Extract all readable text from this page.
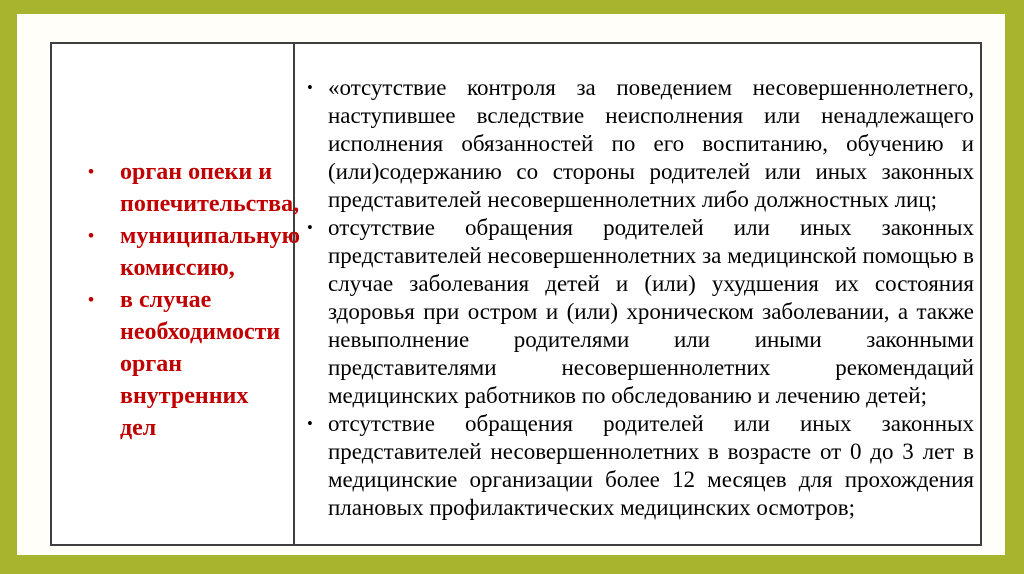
•	орган опеки и попечительства,
•	муниципальную комиссию,
•	в случае необходимости орган внутренних дел
• «отсутствие контроля за поведением несовершеннолетнего, наступившее вследствие неисполнения или ненадлежащего исполнения обязанностей по его воспитанию, обучению и (или)содержанию со стороны родителей или иных законных представителей несовершеннолетних либо должностных лиц;
• отсутствие обращения родителей или иных законных представителей несовершеннолетних за медицинской помощью в случае заболевания детей и (или) ухудшения их состояния здоровья при остром и (или) хроническом заболевании, а также невыполнение родителями или иными законными представителями несовершеннолетних рекомендаций медицинских работников по обследованию и лечению детей;
• отсутствие обращения родителей или иных законных представителей несовершеннолетних в возрасте от 0 до 3 лет в медицинские организации более 12 месяцев для прохождения плановых профилактических медицинских осмотров;
